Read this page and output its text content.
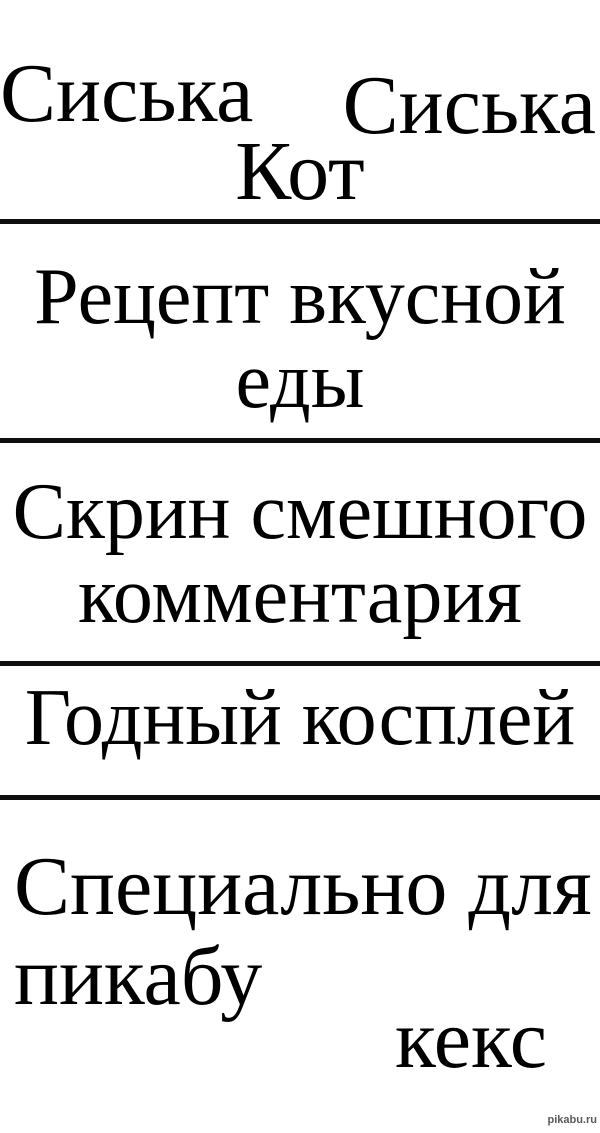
Сиська Сиська
Кот
Рецепт вкусной еды
Скрин смешного комментария
Годный косплей
Специально для пикабу
кекс
pikabu.ru
